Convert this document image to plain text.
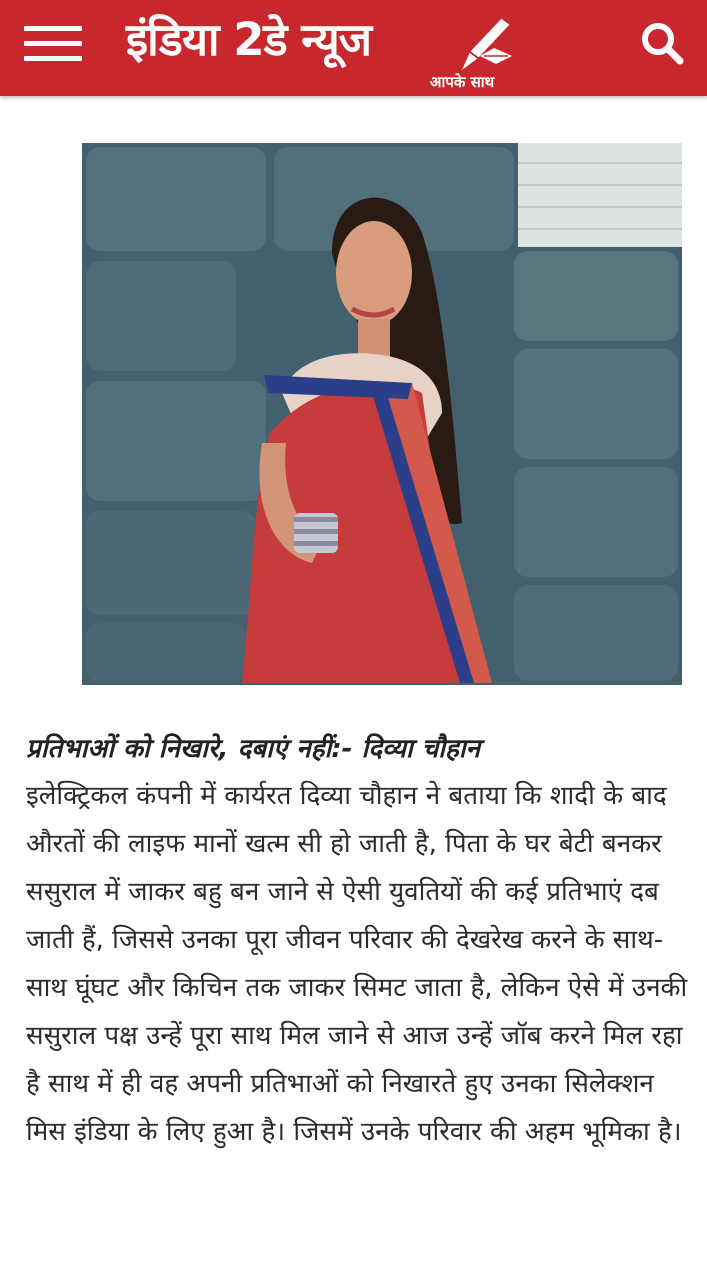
इंडिया 2डे न्यूज
आपके साथ
प्रतिभाओं को निखारे, दबाएं नहीं:- दिव्या चौहान

इलेक्ट्रिकल कंपनी में कार्यरत दिव्या चौहान ने बताया कि शादी के बाद औरतों की लाइफ मानों खत्म सी हो जाती है, पिता के घर बेटी बनकर ससुराल में जाकर बहु बन जाने से ऐसी युवतियों की कई प्रतिभाएं दब जाती हैं, जिससे उनका पूरा जीवन परिवार की देखरेख करने के साथ-साथ घूंघट और किचिन तक जाकर सिमट जाता है, लेकिन ऐसे में उनकी ससुराल पक्ष उन्हें पूरा साथ मिल जाने से आज उन्हें जॉब करने मिल रहा है साथ में ही वह अपनी प्रतिभाओं को निखारते हुए उनका सिलेक्शन मिस इंडिया के लिए हुआ है। जिसमें उनके परिवार की अहम भूमिका है।
